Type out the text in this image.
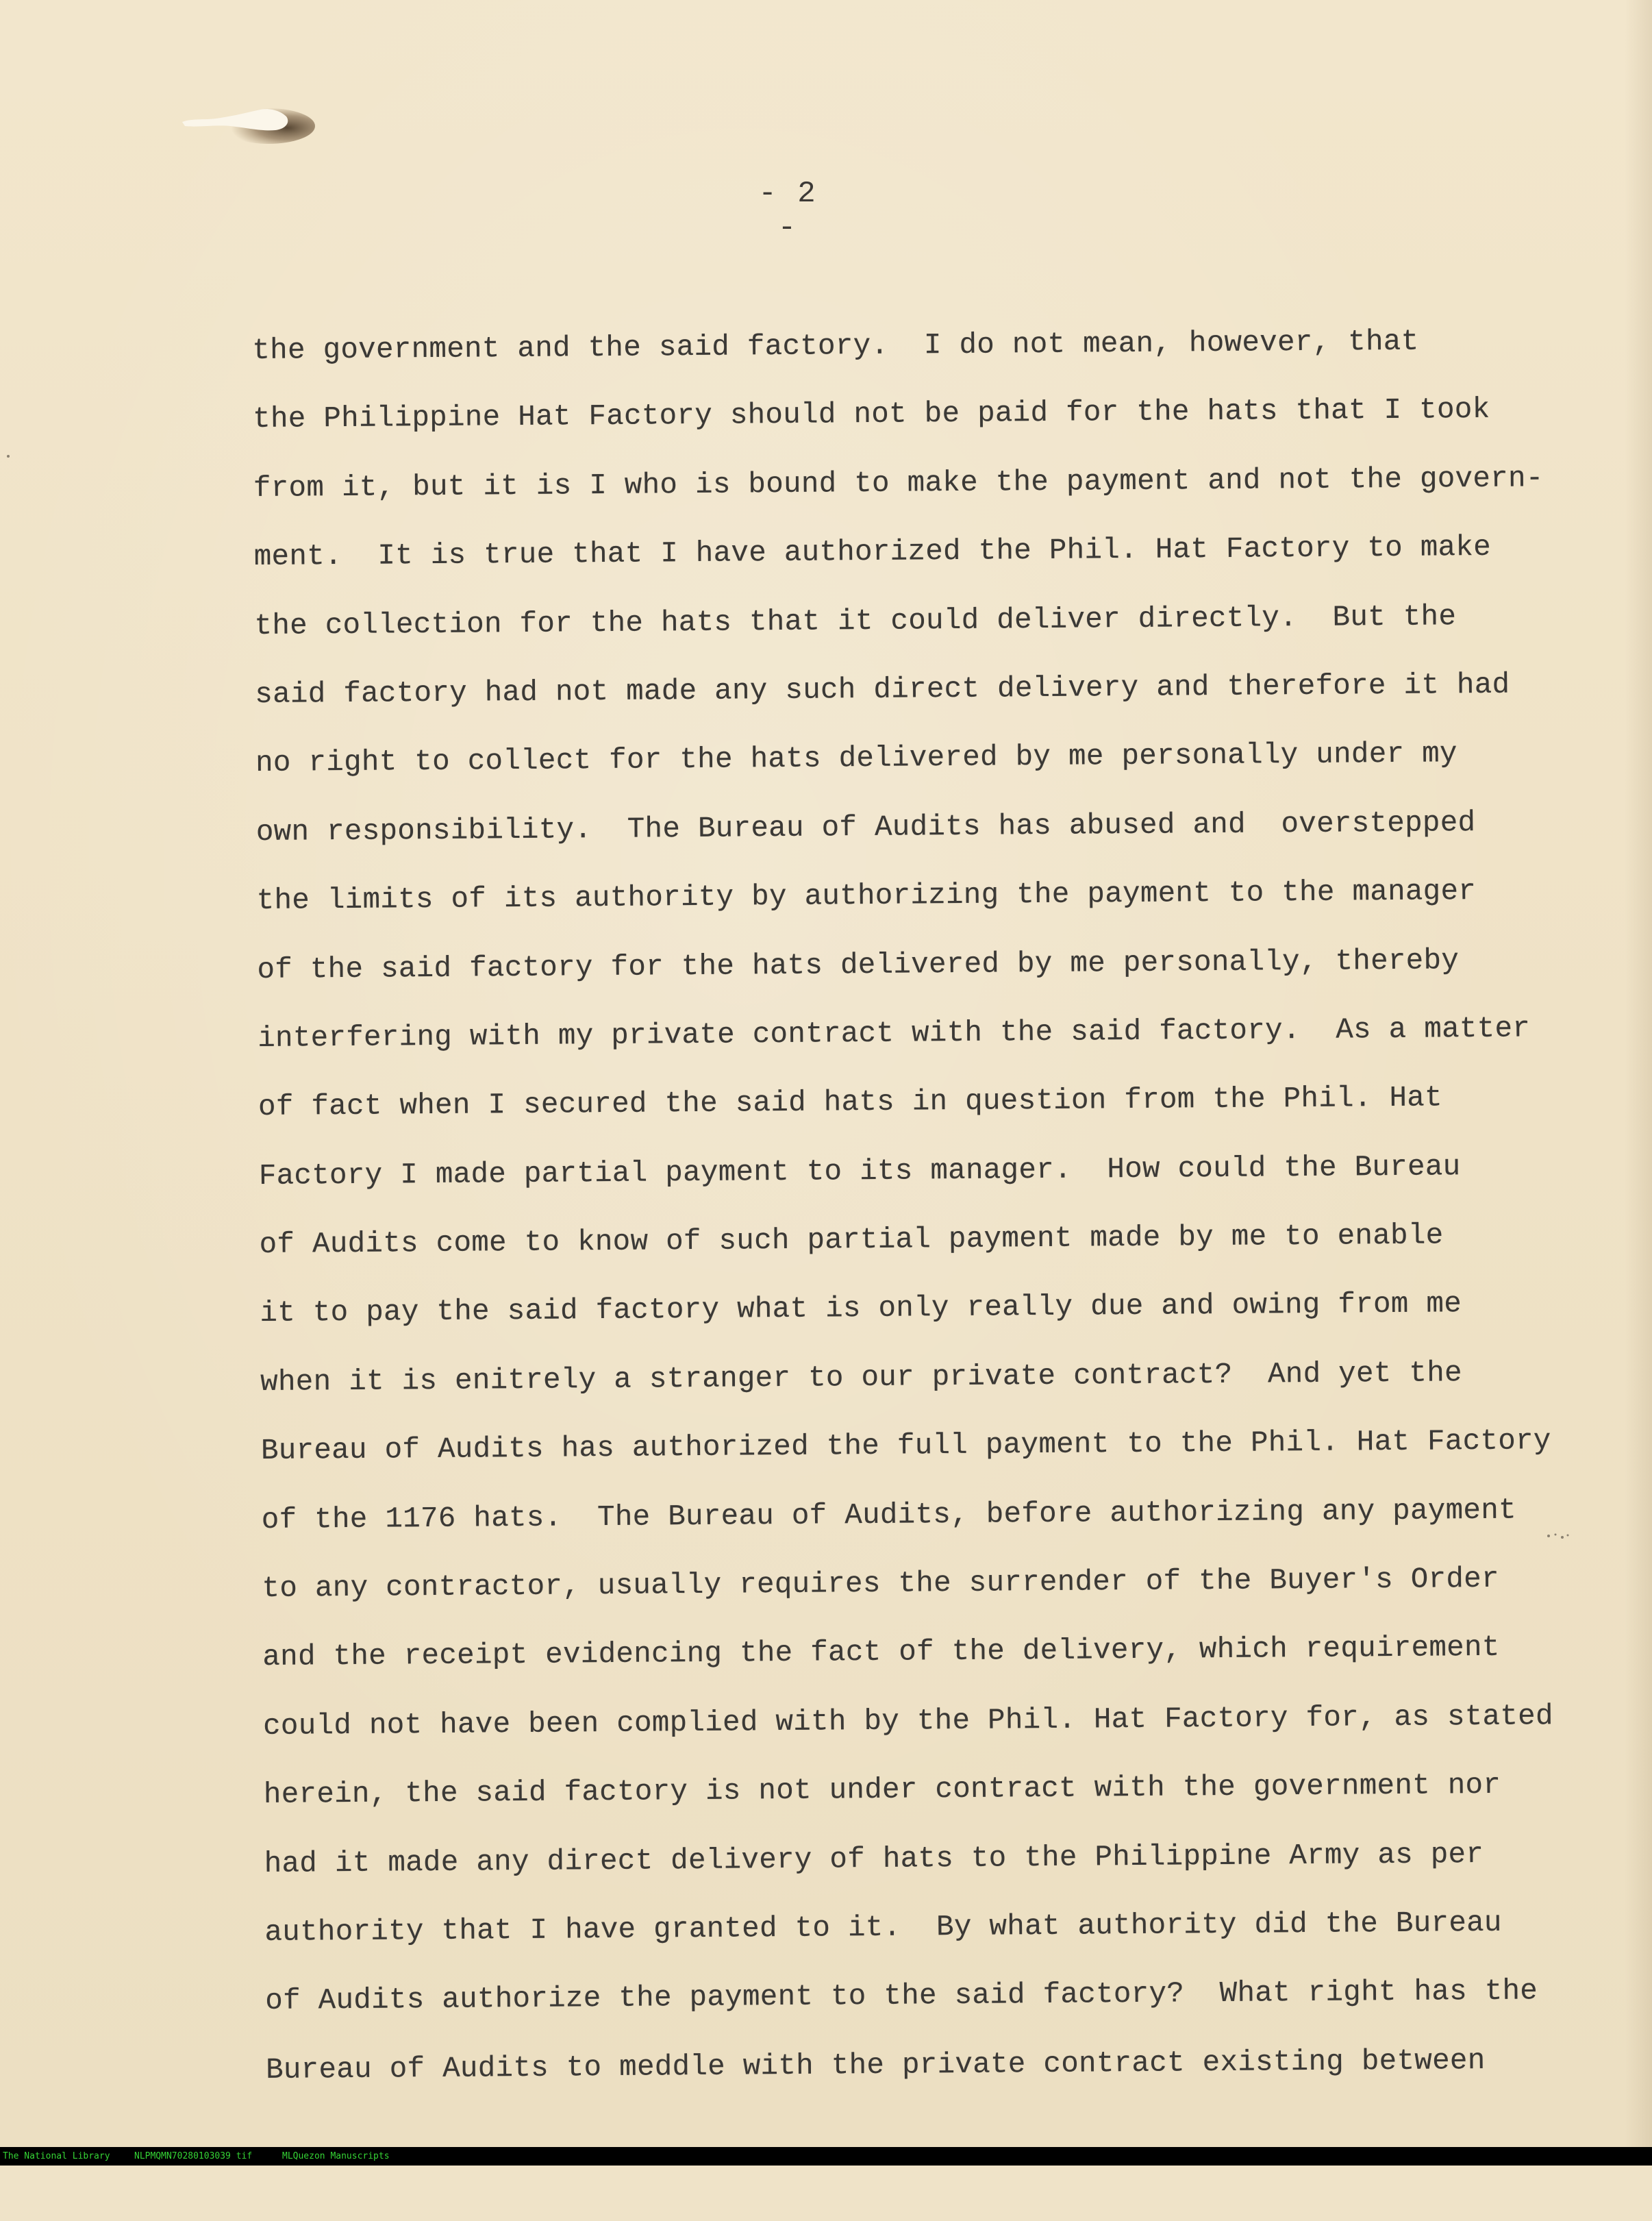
- 2 -
the government and the said factory.  I do not mean, however, that
the Philippine Hat Factory should not be paid for the hats that I took
from it, but it is I who is bound to make the payment and not the govern-
ment.  It is true that I have authorized the Phil. Hat Factory to make
the collection for the hats that it could deliver directly.  But the
said factory had not made any such direct delivery and therefore it had
no right to collect for the hats delivered by me personally under my
own responsibility.  The Bureau of Audits has abused and  overstepped
the limits of its authority by authorizing the payment to the manager
of the said factory for the hats delivered by me personally, thereby
interfering with my private contract with the said factory.  As a matter
of fact when I secured the said hats in question from the Phil. Hat
Factory I made partial payment to its manager.  How could the Bureau
of Audits come to know of such partial payment made by me to enable
it to pay the said factory what is only really due and owing from me
when it is enitrely a stranger to our private contract?  And yet the
Bureau of Audits has authorized the full payment to the Phil. Hat Factory
of the 1176 hats.  The Bureau of Audits, before authorizing any payment
to any contractor, usually requires the surrender of the Buyer's Order
and the receipt evidencing the fact of the delivery, which requirement
could not have been complied with by the Phil. Hat Factory for, as stated
herein, the said factory is not under contract with the government nor
had it made any direct delivery of hats to the Philippine Army as per
authority that I have granted to it.  By what authority did the Bureau
of Audits authorize the payment to the said factory?  What right has the
Bureau of Audits to meddle with the private contract existing between

The National Library

	NLPMQMN70280103039 tif

	MLQuezon Manuscripts
